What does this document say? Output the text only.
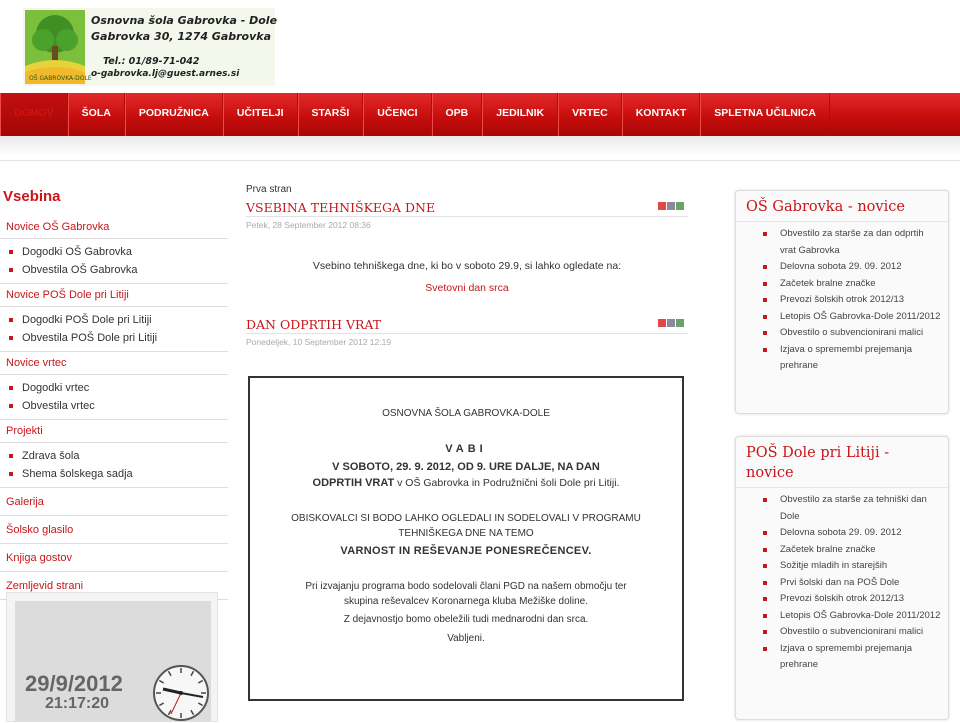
OŠ GABROVKA-DOLE
Osnovna šola Gabrovka - Dole
Gabrovka 30, 1274 Gabrovka
Tel.: 01/89-71-042
o-gabrovka.lj@guest.arnes.si
DOMOV	ŠOLA	PODRUŽNICA	UČITELJI	STARŠI	UČENCI	OPB	JEDILNIK	VRTEC	KONTAKT	SPLETNA UČILNICA
Vsebina
Novice OŠ Gabrovka
Dogodki OŠ Gabrovka
Obvestila OŠ Gabrovka
Novice POŠ Dole pri Litiji
Dogodki POŠ Dole pri Litiji
Obvestila POŠ Dole pri Litiji
Novice vrtec
Dogodki vrtec
Obvestila vrtec
Projekti
Zdrava šola
Shema šolskega sadja
Galerija
Šolsko glasilo
Knjiga gostov
Zemljevid strani
29/9/2012
21:17:20
Prva stran
VSEBINA TEHNIŠKEGA DNE
Petek, 28 September 2012 08:36
Vsebino tehniškega dne, ki bo v soboto 29.9, si lahko ogledate na:
Svetovni dan srca
DAN ODPRTIH VRAT
Ponedeljek, 10 September 2012 12:19
OSNOVNA ŠOLA GABROVKA-DOLE
VABI
V SOBOTO, 29. 9. 2012, OD 9. URE DALJE, NA DAN
ODPRTIH VRAT v OŠ Gabrovka in Podružnični šoli Dole pri Litiji.
OBISKOVALCI SI BODO LAHKO OGLEDALI IN SODELOVALI V PROGRAMU
TEHNIŠKEGA DNE NA TEMO
VARNOST IN REŠEVANJE PONESREČENCEV.
Pri izvajanju programa bodo sodelovali člani PGD na našem območju ter
skupina reševalcev Koronarnega kluba Mežiške doline.
Z dejavnostjo bomo obeležili tudi mednarodni dan srca.
Vabljeni.
OŠ Gabrovka - novice
Obvestilo za starše za dan odprtih vrat Gabrovka
Delovna sobota 29. 09. 2012
Začetek bralne značke
Prevozi šolskih otrok 2012/13
Letopis OŠ Gabrovka-Dole 2011/2012
Obvestilo o subvencionirani malici
Izjava o spremembi prejemanja prehrane
POŠ Dole pri Litiji - novice
Obvestilo za starše za tehniški dan Dole
Delovna sobota 29. 09. 2012
Začetek bralne značke
Sožitje mladih in starejših
Prvi šolski dan na POŠ Dole
Prevozi šolskih otrok 2012/13
Letopis OŠ Gabrovka-Dole 2011/2012
Obvestilo o subvencionirani malici
Izjava o spremembi prejemanja prehrane
